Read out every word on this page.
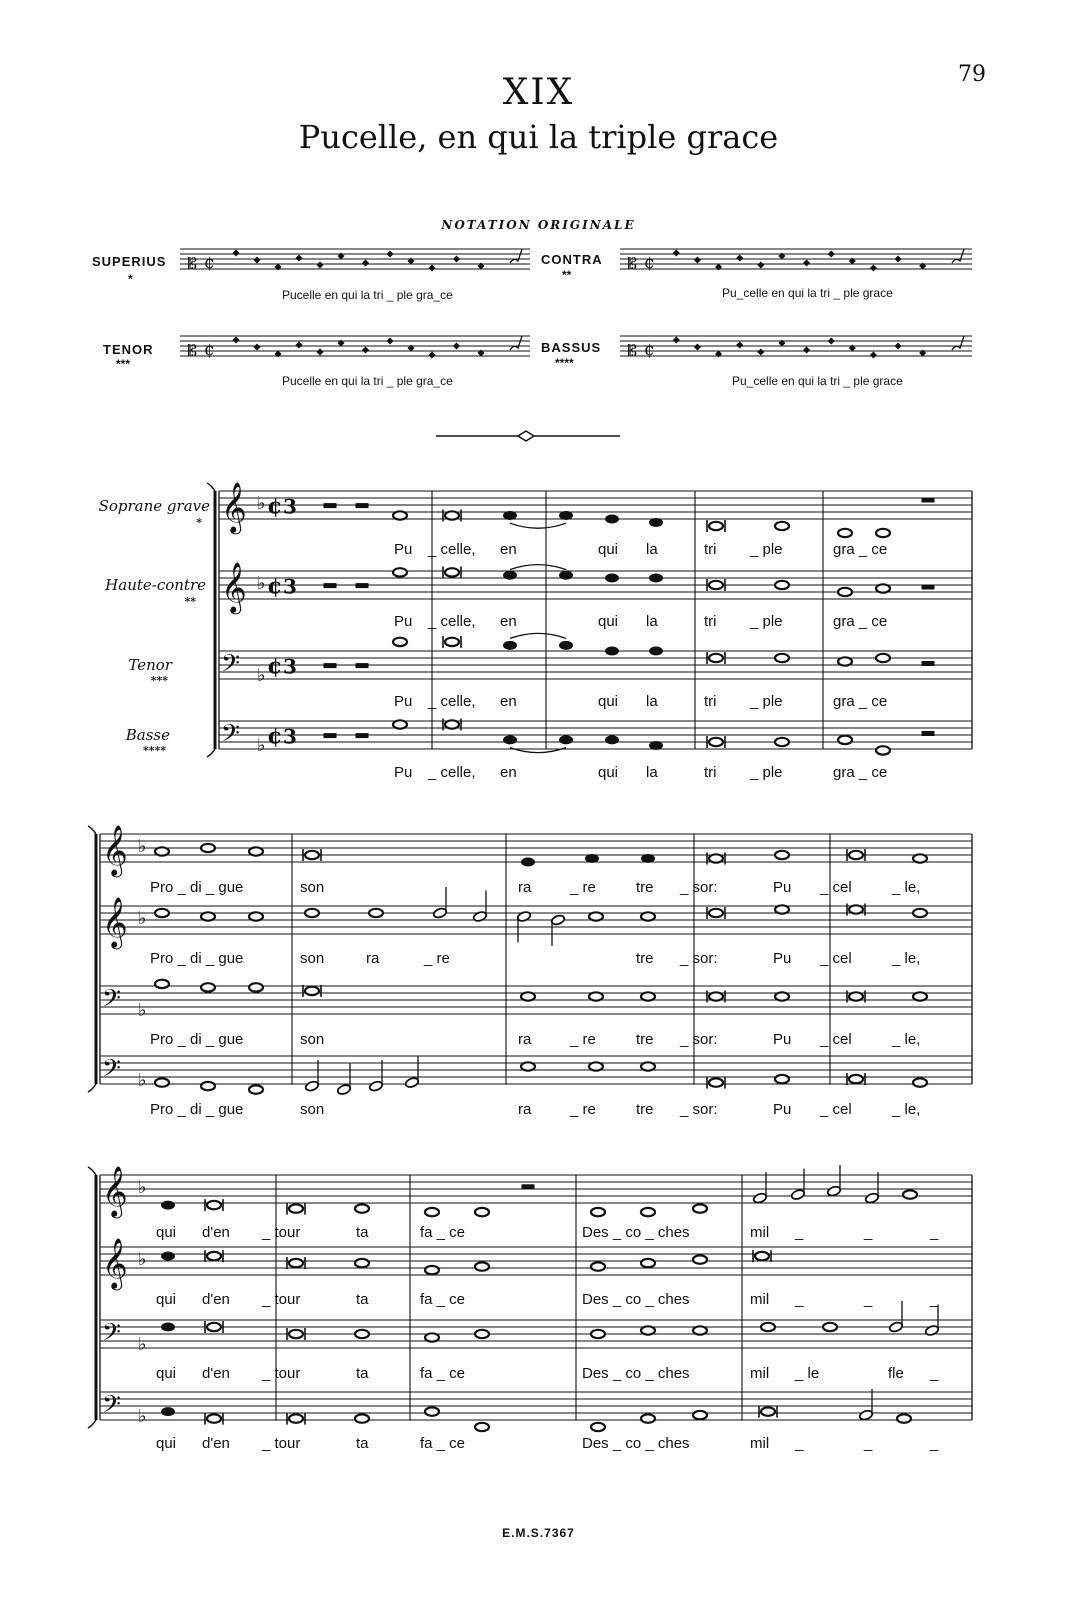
79
XIX
Pucelle, en qui la triple grace
NOTATION ORIGINALE
SUPERIUS
*
Pucelle en qui la tri _ ple gra_ce
CONTRA
**
Pu_celle en qui la tri _ ple grace
TENOR
***
Pucelle en qui la tri _ ple gra_ce
BASSUS
****
Pu_celle en qui la tri _ ple grace
Soprane grave
*
Haute-contre
**
Tenor
***
Basse
****
Pu _ celle, en	qui la	tri _ ple	gra _ ce
Pu _ celle, en	qui la	tri _ ple	gra _ ce
Pu _ celle, en	qui la	tri _ ple	gra _ ce
Pu _ celle, en	qui la	tri _ ple	gra _ ce
Pro _ di _ gue	son	ra	_ re	tre _ sor:	Pu _ cel	_ le,
Pro _ di _ gue	son	ra	_ re	tre _ sor:	Pu _ cel	_ le,
Pro _ di _ gue	son	ra	_ re	tre _ sor:	Pu _ cel	_ le,
Pro _ di _ gue	son	ra	_ re	tre _ sor:	Pu _ cel	_ le,
qui d'en _ tour	ta	fa _ ce	Des _ co _ ches	mil _	_	_
qui d'en _ tour	ta	fa _ ce	Des _ co _ ches	mil _	_	_
qui d'en _ tour	ta	fa _ ce	Des _ co _ ches	mil _ le	fle _
qui d'en _ tour	ta	fa _ ce	Des _ co _ ches	mil _	_	_
E.M.S.7367
𝄡 ¢	𝄡 ¢
𝄡 ¢	𝄡 ¢
𝄞 ♭ ¢ 3
𝄞 ♭ ¢ 3
𝄢 ♭ ¢ 3
𝄢 ♭ ¢ 3
𝄞 ♭
𝄞 ♭
𝄢 ♭
𝄢 ♭
𝄞 ♭
𝄞 ♭
𝄢 ♭
𝄢 ♭
